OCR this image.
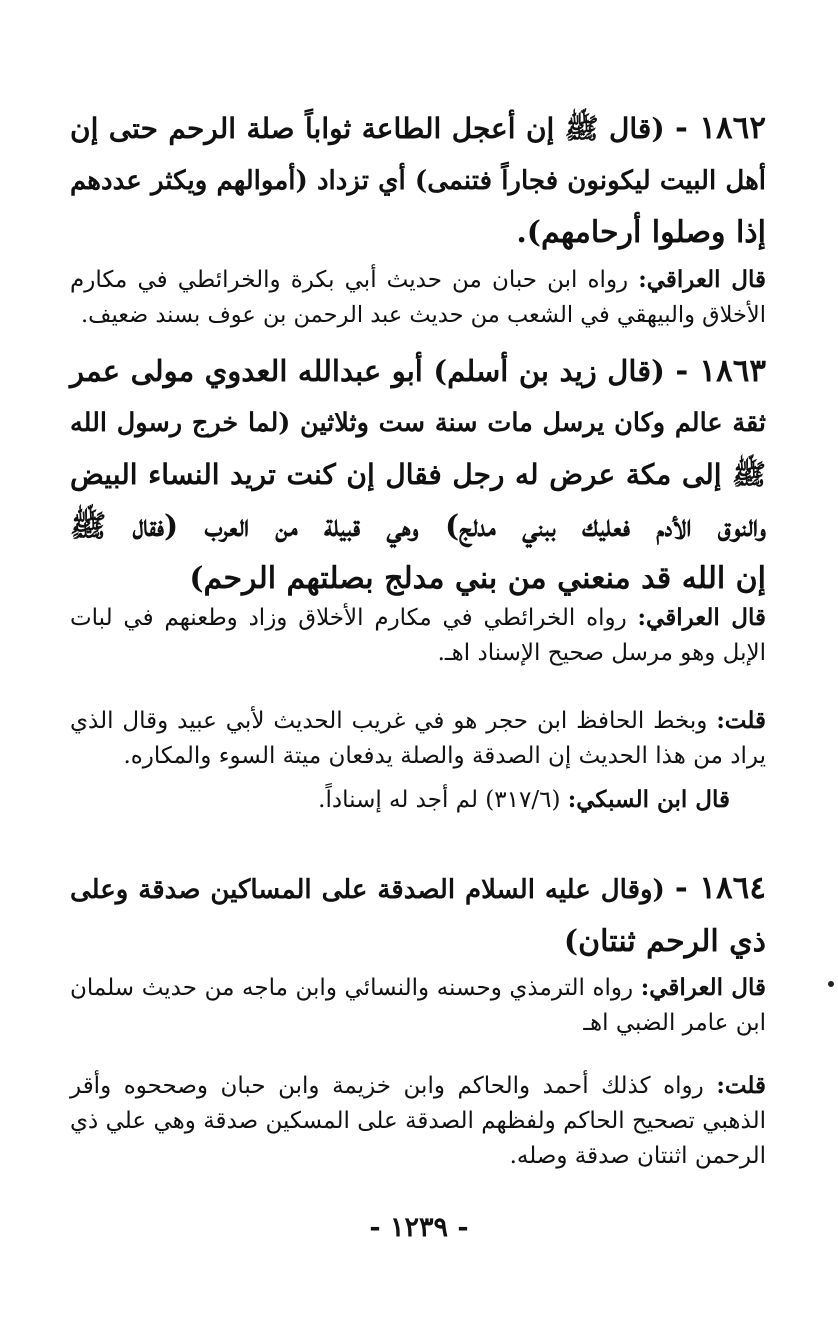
١٨٦٢ - (قال ﷺ إن أعجل الطاعة ثواباً صلة الرحم حتى إن
أهل البيت ليكونون فجاراً فتنمى) أي تزداد (أموالهم ويكثر عددهم
إذا وصلوا أرحامهم).
قال العراقي: رواه ابن حبان من حديث أبي بكرة والخرائطي في مكارم
الأخلاق والبيهقي في الشعب من حديث عبد الرحمن بن عوف بسند ضعيف.
١٨٦٣ - (قال زيد بن أسلم) أبو عبدالله العدوي مولى عمر
ثقة عالم وكان يرسل مات سنة ست وثلاثين (لما خرج رسول الله
ﷺ إلى مكة عرض له رجل فقال إن كنت تريد النساء البيض
والنوق الأدم فعليك ببني مدلج) وهي قبيلة من العرب (فقال ﷺ
إن الله قد منعني من بني مدلج بصلتهم الرحم)
قال العراقي: رواه الخرائطي في مكارم الأخلاق وزاد وطعنهم في لبات
الإبل وهو مرسل صحيح الإسناد اهـ.
قلت: وبخط الحافظ ابن حجر هو في غريب الحديث لأبي عبيد وقال الذي
يراد من هذا الحديث إن الصدقة والصلة يدفعان ميتة السوء والمكاره.
قال ابن السبكي: (٣١٧/٦) لم أجد له إسناداً.
١٨٦٤ - (وقال عليه السلام الصدقة على المساكين صدقة وعلى
ذي الرحم ثنتان)
قال العراقي: رواه الترمذي وحسنه والنسائي وابن ماجه من حديث سلمان
ابن عامر الضبي اهـ
قلت: رواه كذلك أحمد والحاكم وابن خزيمة وابن حبان وصححوه وأقر
الذهبي تصحيح الحاكم ولفظهم الصدقة على المسكين صدقة وهي علي ذي
الرحمن اثنتان صدقة وصله.
- ١٢٣٩ -
